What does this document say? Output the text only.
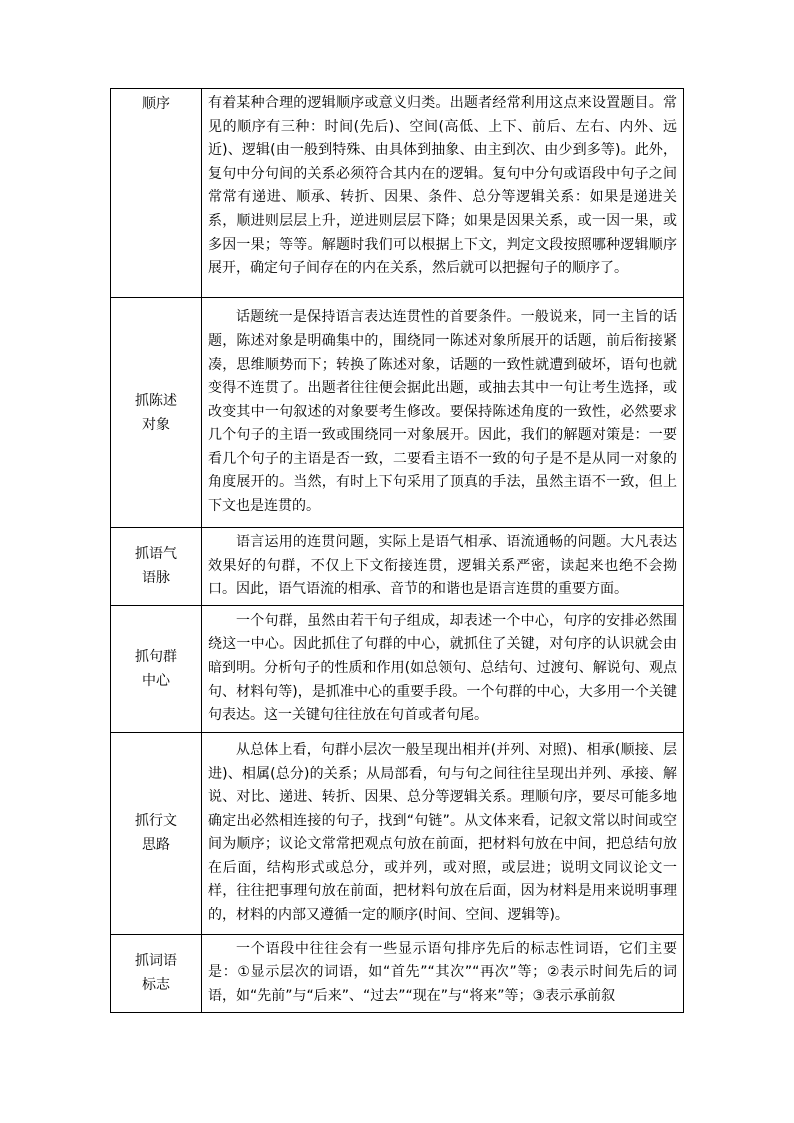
顺序	有着某种合理的逻辑顺序或意义归类。出题者经常利用这点来设置题目。常见的顺序有三种：时间(先后)、空间(高低、上下、前后、左右、内外、远近)、逻辑(由一般到特殊、由具体到抽象、由主到次、由少到多等)。此外，复句中分句间的关系必须符合其内在的逻辑。复句中分句或语段中句子之间常常有递进、顺承、转折、因果、条件、总分等逻辑关系：如果是递进关系，顺进则层层上升，逆进则层层下降；如果是因果关系，或一因一果，或多因一果；等等。解题时我们可以根据上下文，判定文段按照哪种逻辑顺序展开，确定句子间存在的内在关系，然后就可以把握句子的顺序了。

抓陈述
对象	话题统一是保持语言表达连贯性的首要条件。一般说来，同一主旨的话题，陈述对象是明确集中的，围绕同一陈述对象所展开的话题，前后衔接紧凑，思维顺势而下；转换了陈述对象，话题的一致性就遭到破坏，语句也就变得不连贯了。出题者往往便会据此出题，或抽去其中一句让考生选择，或改变其中一句叙述的对象要考生修改。要保持陈述角度的一致性，必然要求几个句子的主语一致或围绕同一对象展开。因此，我们的解题对策是：一要看几个句子的主语是否一致，二要看主语不一致的句子是不是从同一对象的角度展开的。当然，有时上下句采用了顶真的手法，虽然主语不一致，但上下文也是连贯的。

抓语气
语脉	语言运用的连贯问题，实际上是语气相承、语流通畅的问题。大凡表达效果好的句群，不仅上下文衔接连贯，逻辑关系严密，读起来也绝不会拗口。因此，语气语流的相承、音节的和谐也是语言连贯的重要方面。

抓句群
中心	一个句群，虽然由若干句子组成，却表述一个中心，句序的安排必然围绕这一中心。因此抓住了句群的中心，就抓住了关键，对句序的认识就会由暗到明。分析句子的性质和作用(如总领句、总结句、过渡句、解说句、观点句、材料句等)，是抓准中心的重要手段。一个句群的中心，大多用一个关键句表达。这一关键句往往放在句首或者句尾。

抓行文
思路	从总体上看，句群小层次一般呈现出相并(并列、对照)、相承(顺接、层进)、相属(总分)的关系；从局部看，句与句之间往往呈现出并列、承接、解说、对比、递进、转折、因果、总分等逻辑关系。理顺句序，要尽可能多地确定出必然相连接的句子，找到“句链”。从文体来看，记叙文常以时间或空间为顺序；议论文常常把观点句放在前面，把材料句放在中间，把总结句放在后面，结构形式或总分，或并列，或对照，或层进；说明文同议论文一样，往往把事理句放在前面，把材料句放在后面，因为材料是用来说明事理的，材料的内部又遵循一定的顺序(时间、空间、逻辑等)。

抓词语
标志	一个语段中往往会有一些显示语句排序先后的标志性词语，它们主要是：①显示层次的词语，如“首先”“其次”“再次”等；②表示时间先后的词语，如“先前”与“后来”、“过去”“现在”与“将来”等；③表示承前叙
